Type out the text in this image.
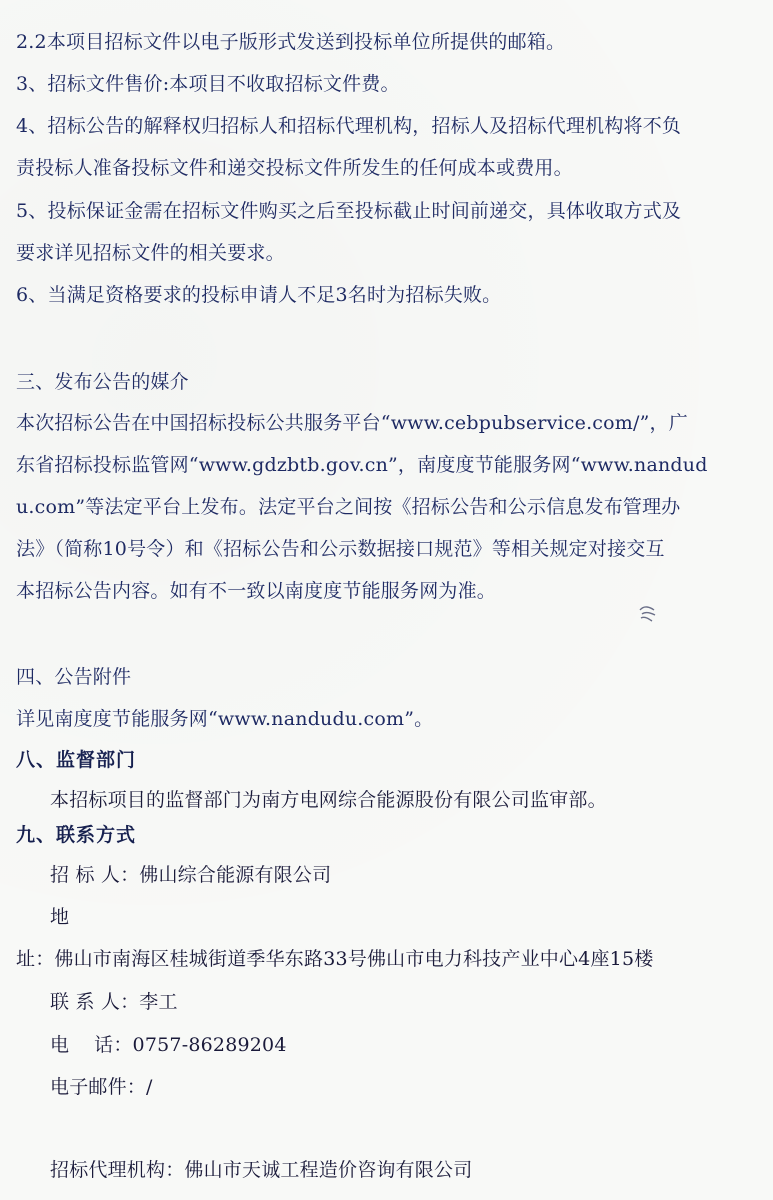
2.2本项目招标文件以电子版形式发送到投标单位所提供的邮箱。
3、招标文件售价:本项目不收取招标文件费。
4、招标公告的解释权归招标人和招标代理机构，招标人及招标代理机构将不负
责投标人准备投标文件和递交投标文件所发生的任何成本或费用。
5、投标保证金需在招标文件购买之后至投标截止时间前递交，具体收取方式及
要求详见招标文件的相关要求。
6、当满足资格要求的投标申请人不足3名时为招标失败。
三、发布公告的媒介
本次招标公告在中国招标投标公共服务平台“www.cebpubservice.com/”，广
东省招标投标监管网“www.gdzbtb.gov.cn”，南度度节能服务网“www.nandud
u.com”等法定平台上发布。法定平台之间按《招标公告和公示信息发布管理办
法》（简称10号令）和《招标公告和公示数据接口规范》等相关规定对接交互
本招标公告内容。如有不一致以南度度节能服务网为准。
四、公告附件
详见南度度节能服务网“www.nandudu.com”。
八、监督部门
本招标项目的监督部门为南方电网综合能源股份有限公司监审部。
九、联系方式
招 标 人：佛山综合能源有限公司
地
址：佛山市南海区桂城街道季华东路33号佛山市电力科技产业中心4座15楼
联 系 人：李工
电    话：0757-86289204
电子邮件：/
招标代理机构：佛山市天诚工程造价咨询有限公司
